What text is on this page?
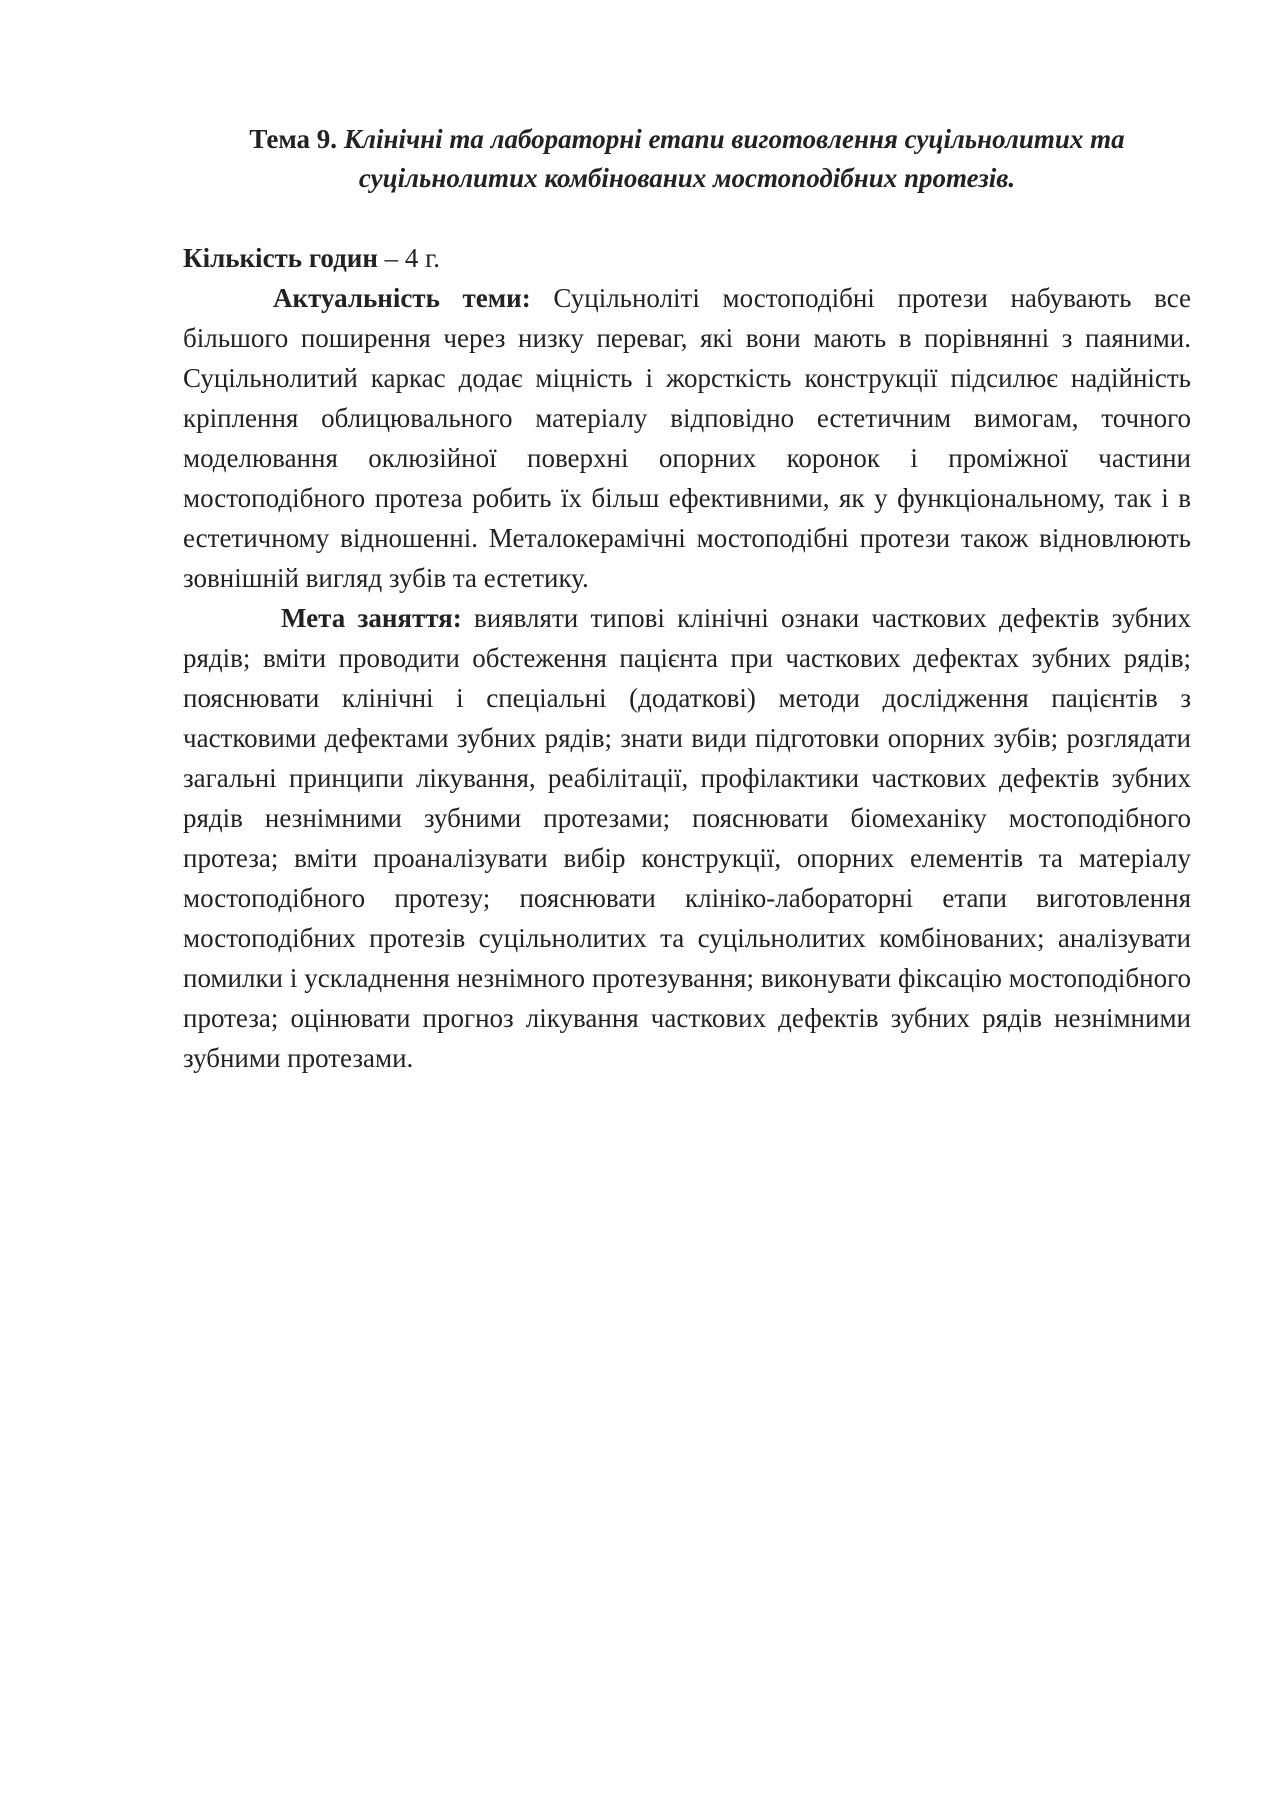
Тема 9. Клінічні та лабораторні етапи виготовлення суцільнолитих та суцільнолитих комбінованих мостоподібних протезів.

Кількість годин – 4 г.

Актуальність теми: Суцільноліті мостоподібні протези набувають все більшого поширення через низку переваг, які вони мають в порівнянні з паяними. Суцільнолитий каркас додає міцність і жорсткість конструкції підсилює надійність кріплення облицювального матеріалу відповідно естетичним вимогам, точного моделювання оклюзійної поверхні опорних коронок і проміжної частини мостоподібного протеза робить їх більш ефективними, як у функціональному, так і в естетичному відношенні. Металокерамічні мостоподібні протези також відновлюють зовнішній вигляд зубів та естетику.

Мета заняття: виявляти типові клінічні ознаки часткових дефектів зубних рядів; вміти проводити обстеження пацієнта при часткових дефектах зубних рядів; пояснювати клінічні і спеціальні (додаткові) методи дослідження пацієнтів з частковими дефектами зубних рядів; знати види підготовки опорних зубів; розглядати загальні принципи лікування, реабілітації, профілактики часткових дефектів зубних рядів незнімними зубними протезами; пояснювати біомеханіку мостоподібного протеза; вміти проаналізувати вибір конструкції, опорних елементів та матеріалу мостоподібного протезу; пояснювати клініко-лабораторні етапи виготовлення мостоподібних протезів суцільнолитих та суцільнолитих комбінованих; аналізувати помилки і ускладнення незнімного протезування; виконувати фіксацію мостоподібного протеза; оцінювати прогноз лікування часткових дефектів зубних рядів незнімними зубними протезами.
